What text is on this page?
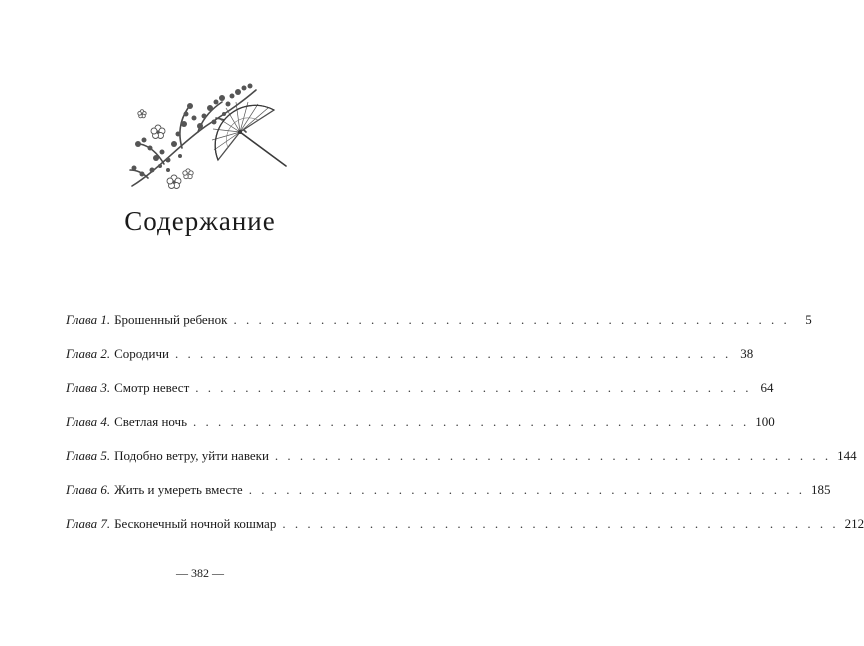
Содержание
Глава 1. Брошенный ребенок . . . . . . . . . . . . . . . . . . . . . . . . . . . . . . . . . . . . . . . . . . . . .	5
Глава 2. Сородичи . . . . . . . . . . . . . . . . . . . . . . . . . . . . . . . . . . . . . . . . . . . . . 38
Глава 3. Смотр невест . . . . . . . . . . . . . . . . . . . . . . . . . . . . . . . . . . . . . . . . . . . . . 64
Глава 4. Светлая ночь . . . . . . . . . . . . . . . . . . . . . . . . . . . . . . . . . . . . . . . . . . . . . 100
Глава 5. Подобно ветру, уйти навеки . . . . . . . . . . . . . . . . . . . . . . . . . . . . . . . . . . . . . . . . . . . . . 144
Глава 6. Жить и умереть вместе . . . . . . . . . . . . . . . . . . . . . . . . . . . . . . . . . . . . . . . . . . . . . 185
Глава 7. Бесконечный ночной кошмар . . . . . . . . . . . . . . . . . . . . . . . . . . . . . . . . . . . . . . . . . . . . . 212
— 382 —
